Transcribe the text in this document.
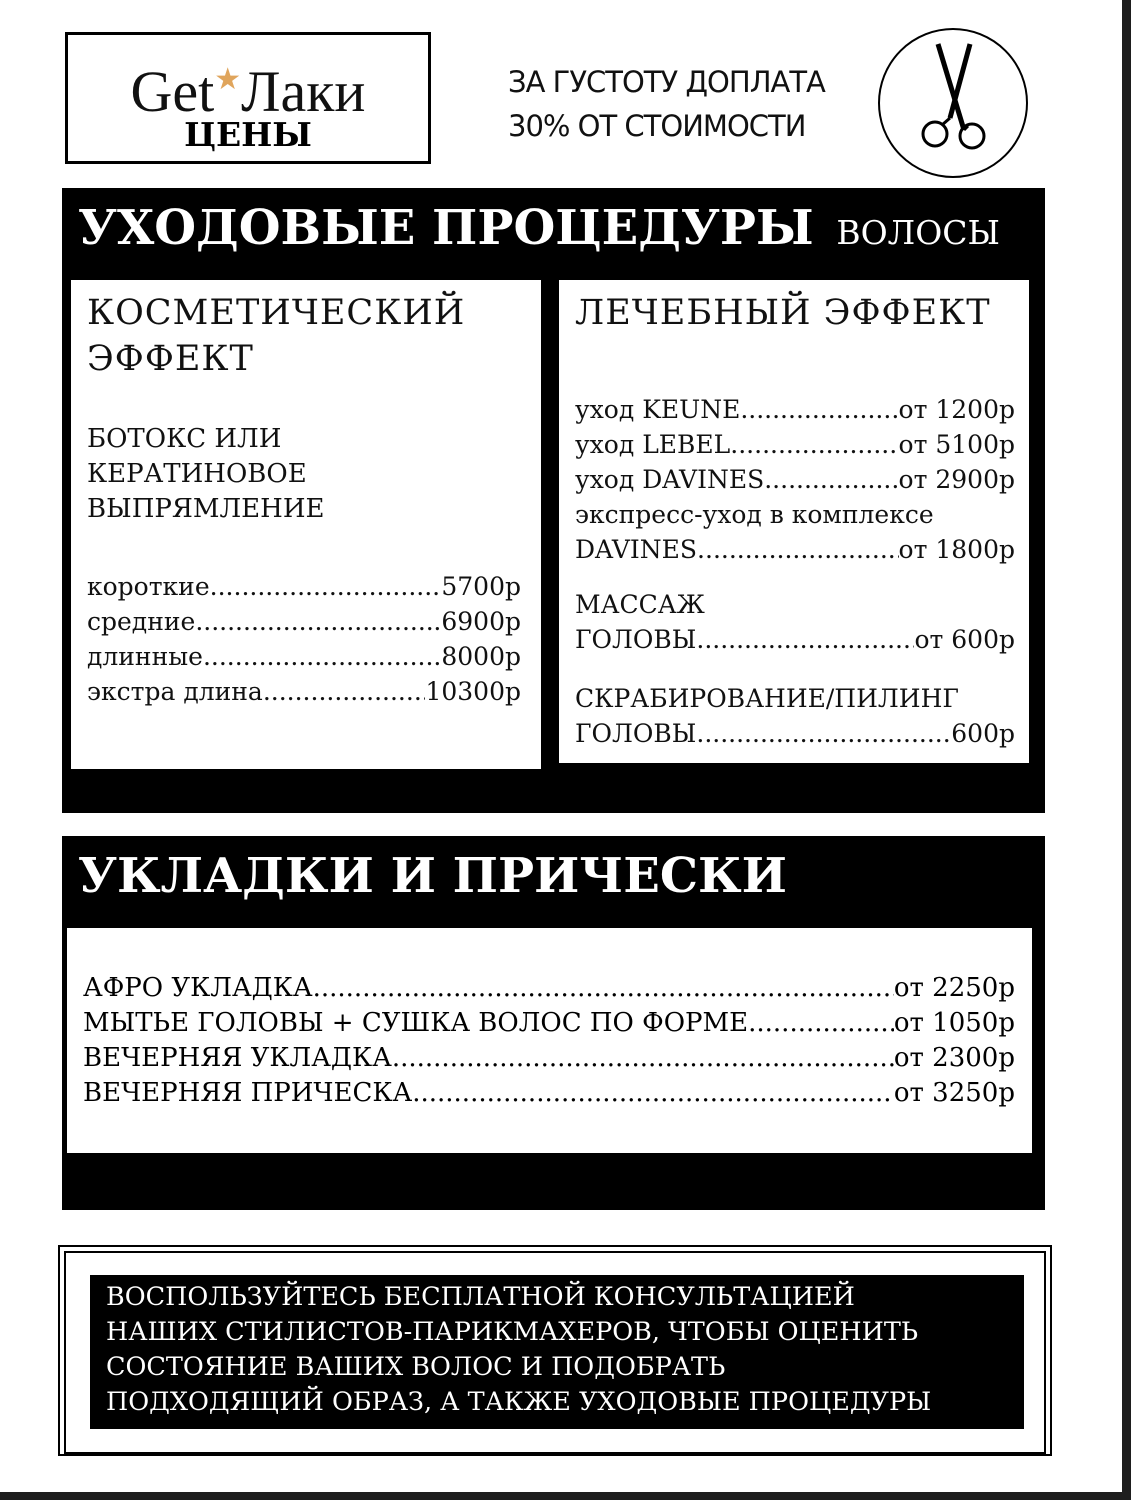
Get★Лаки
ЦЕНЫ
ЗА ГУСТОТУ ДОПЛАТА
30% ОТ СТОИМОСТИ
УХОДОВЫЕ ПРОЦЕДУРЫ ВОЛОСЫ
КОСМЕТИЧЕСКИЙ
ЭФФЕКТ
БОТОКС ИЛИ
КЕРАТИНОВОЕ
ВЫПРЯМЛЕНИЕ
короткие .....	5700р
средние .....	.6900р
длинные .....	8000р
экстра длина .....	10300р
ЛЕЧЕБНЫЙ ЭФФЕКТ
уход KEUNE .....	от 1200р
уход LEBEL .....	от 5100р
уход DAVINES .....	от 2900р
экспресс-уход в комплексе
DAVINES .....	от 1800р
МАССАЖ
ГОЛОВЫ .....	от 600р
СКРАБИРОВАНИЕ/ПИЛИНГ
ГОЛОВЫ .....	600р
УКЛАДКИ И ПРИЧЕСКИ
АФРО УКЛАДКА .....	от 2250р
МЫТЬЕ ГОЛОВЫ + СУШКА ВОЛОС ПО ФОРМЕ .....	от 1050р
ВЕЧЕРНЯЯ УКЛАДКА .....	от 2300р
ВЕЧЕРНЯЯ ПРИЧЕСКА .....	от 3250р
ВОСПОЛЬЗУЙТЕСЬ БЕСПЛАТНОЙ КОНСУЛЬТАЦИЕЙ
НАШИХ СТИЛИСТОВ-ПАРИКМАХЕРОВ, ЧТОБЫ ОЦЕНИТЬ
СОСТОЯНИЕ ВАШИХ ВОЛОС И ПОДОБРАТЬ
ПОДХОДЯЩИЙ ОБРАЗ, А ТАКЖЕ УХОДОВЫЕ ПРОЦЕДУРЫ
